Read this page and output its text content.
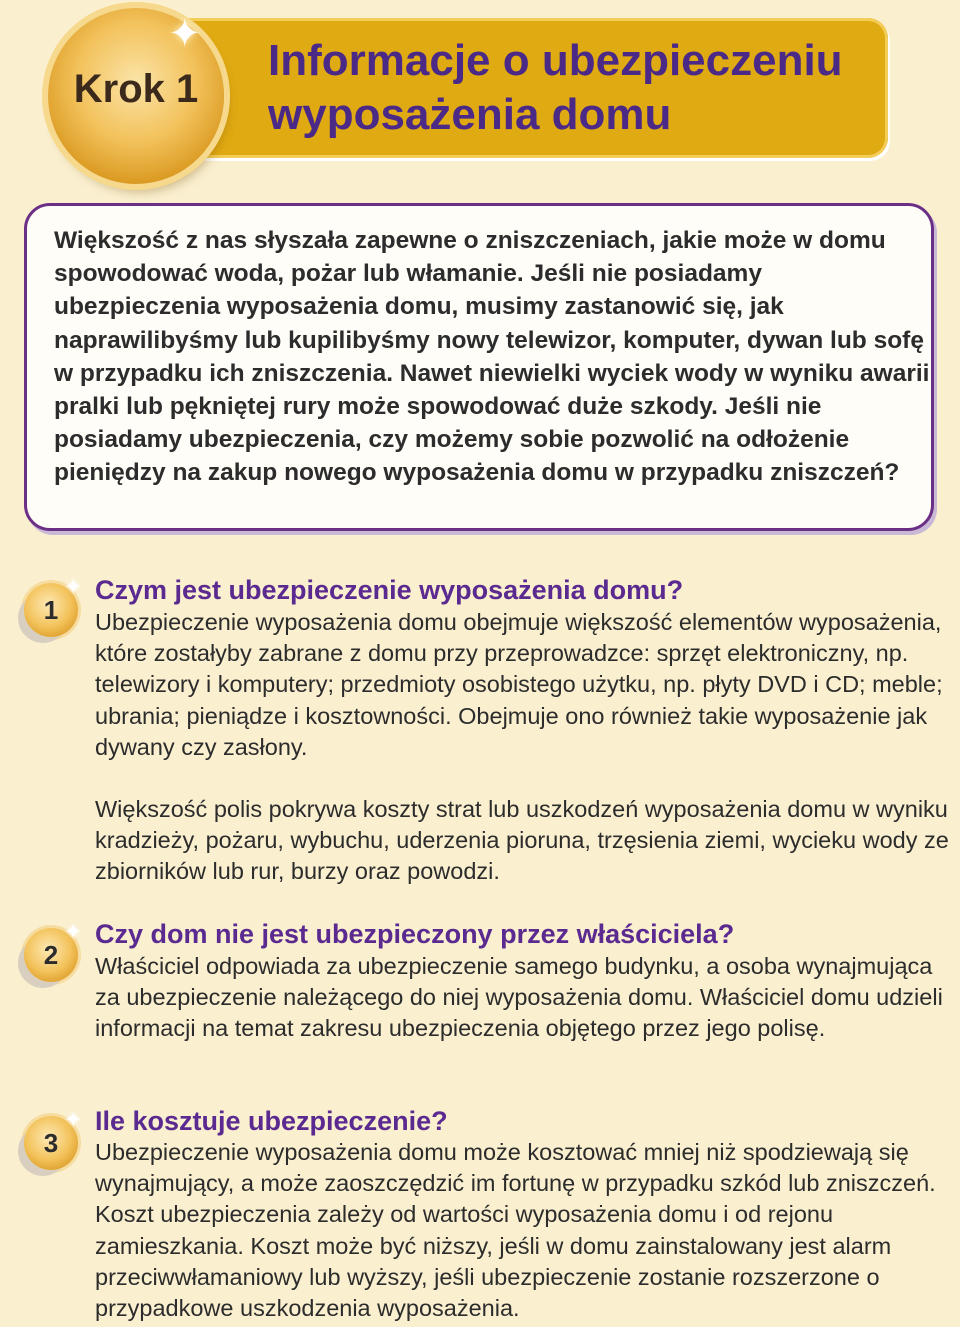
✦
Krok 1
Informacje o ubezpieczeniu
wyposażenia domu
Większość z nas słyszała zapewne o zniszczeniach, jakie może w domu spowodować woda, pożar lub włamanie. Jeśli nie posiadamy ubezpieczenia wyposażenia domu, musimy zastanowić się, jak naprawilibyśmy lub kupilibyśmy nowy telewizor, komputer, dywan lub sofę w przypadku ich zniszczenia. Nawet niewielki wyciek wody w wyniku awarii pralki lub pękniętej rury może spowodować duże szkody. Jeśli nie posiadamy ubezpieczenia, czy możemy sobie pozwolić na odłożenie pieniędzy na zakup nowego wyposażenia domu w przypadku zniszczeń?
1
✦ Czym jest ubezpieczenie wyposażenia domu?
Ubezpieczenie wyposażenia domu obejmuje większość elementów wyposażenia, które zostałyby zabrane z domu przy przeprowadzce: sprzęt elektroniczny, np. telewizory i komputery; przedmioty osobistego użytku, np. płyty DVD i CD; meble; ubrania; pieniądze i kosztowności. Obejmuje ono również takie wyposażenie jak dywany czy zasłony.
Większość polis pokrywa koszty strat lub uszkodzeń wyposażenia domu w wyniku kradzieży, pożaru, wybuchu, uderzenia pioruna, trzęsienia ziemi, wycieku wody ze zbiorników lub rur, burzy oraz powodzi.
2
✦ Czy dom nie jest ubezpieczony przez właściciela?
Właściciel odpowiada za ubezpieczenie samego budynku, a osoba wynajmująca za ubezpieczenie należącego do niej wyposażenia domu. Właściciel domu udzieli informacji na temat zakresu ubezpieczenia objętego przez jego polisę.
3
✦ Ile kosztuje ubezpieczenie?
Ubezpieczenie wyposażenia domu może kosztować mniej niż spodziewają się wynajmujący, a może zaoszczędzić im fortunę w przypadku szkód lub zniszczeń. Koszt ubezpieczenia zależy od wartości wyposażenia domu i od rejonu zamieszkania. Koszt może być niższy, jeśli w domu zainstalowany jest alarm przeciwwłamaniowy lub wyższy, jeśli ubezpieczenie zostanie rozszerzone o przypadkowe uszkodzenia wyposażenia.
